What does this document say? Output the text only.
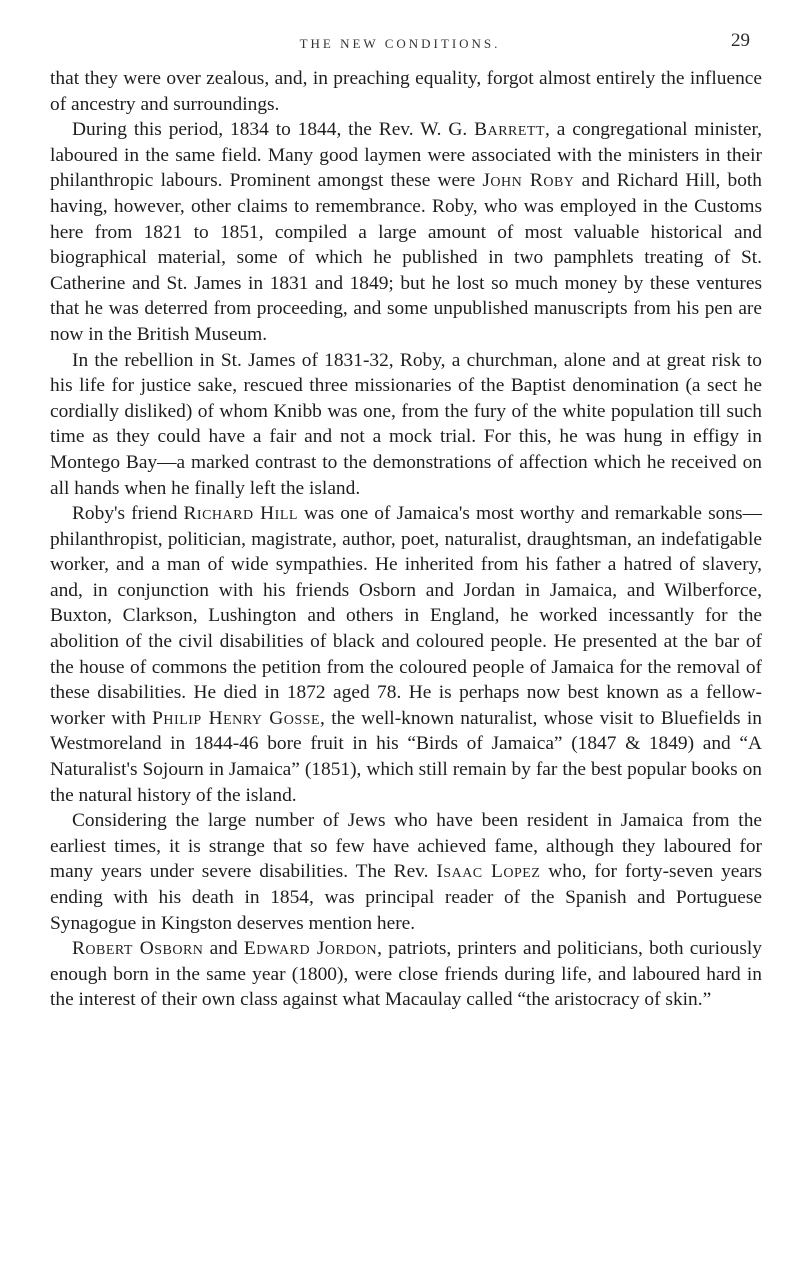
THE NEW CONDITIONS.	29

that they were over zealous, and, in preaching equality, forgot almost entirely the influence of ancestry and surroundings.

During this period, 1834 to 1844, the Rev. W. G. Barrett, a congregational minister, laboured in the same field. Many good laymen were associated with the ministers in their philanthropic labours. Prominent amongst these were John Roby and Richard Hill, both having, however, other claims to remembrance. Roby, who was employed in the Customs here from 1821 to 1851, compiled a large amount of most valuable historical and biographical material, some of which he published in two pamphlets treating of St. Catherine and St. James in 1831 and 1849; but he lost so much money by these ventures that he was deterred from proceeding, and some unpublished manuscripts from his pen are now in the British Museum.

In the rebellion in St. James of 1831-32, Roby, a churchman, alone and at great risk to his life for justice sake, rescued three missionaries of the Baptist denomination (a sect he cordially disliked) of whom Knibb was one, from the fury of the white population till such time as they could have a fair and not a mock trial. For this, he was hung in effigy in Montego Bay—a marked contrast to the demonstrations of affection which he received on all hands when he finally left the island.

Roby's friend Richard Hill was one of Jamaica's most worthy and remarkable sons—philanthropist, politician, magistrate, author, poet, naturalist, draughtsman, an indefatigable worker, and a man of wide sympathies. He inherited from his father a hatred of slavery, and, in conjunction with his friends Osborn and Jordan in Jamaica, and Wilberforce, Buxton, Clarkson, Lushington and others in England, he worked incessantly for the abolition of the civil disabilities of black and coloured people. He presented at the bar of the house of commons the petition from the coloured people of Jamaica for the removal of these disabilities. He died in 1872 aged 78. He is perhaps now best known as a fellow-worker with Philip Henry Gosse, the well-known naturalist, whose visit to Bluefields in Westmoreland in 1844-46 bore fruit in his “Birds of Jamaica” (1847 & 1849) and “A Naturalist's Sojourn in Jamaica” (1851), which still remain by far the best popular books on the natural history of the island.

Considering the large number of Jews who have been resident in Jamaica from the earliest times, it is strange that so few have achieved fame, although they laboured for many years under severe disabilities. The Rev. Isaac Lopez who, for forty-seven years ending with his death in 1854, was principal reader of the Spanish and Portuguese Synagogue in Kingston deserves mention here.

Robert Osborn and Edward Jordon, patriots, printers and politicians, both curiously enough born in the same year (1800), were close friends during life, and laboured hard in the interest of their own class against what Macaulay called “the aristocracy of skin.”
